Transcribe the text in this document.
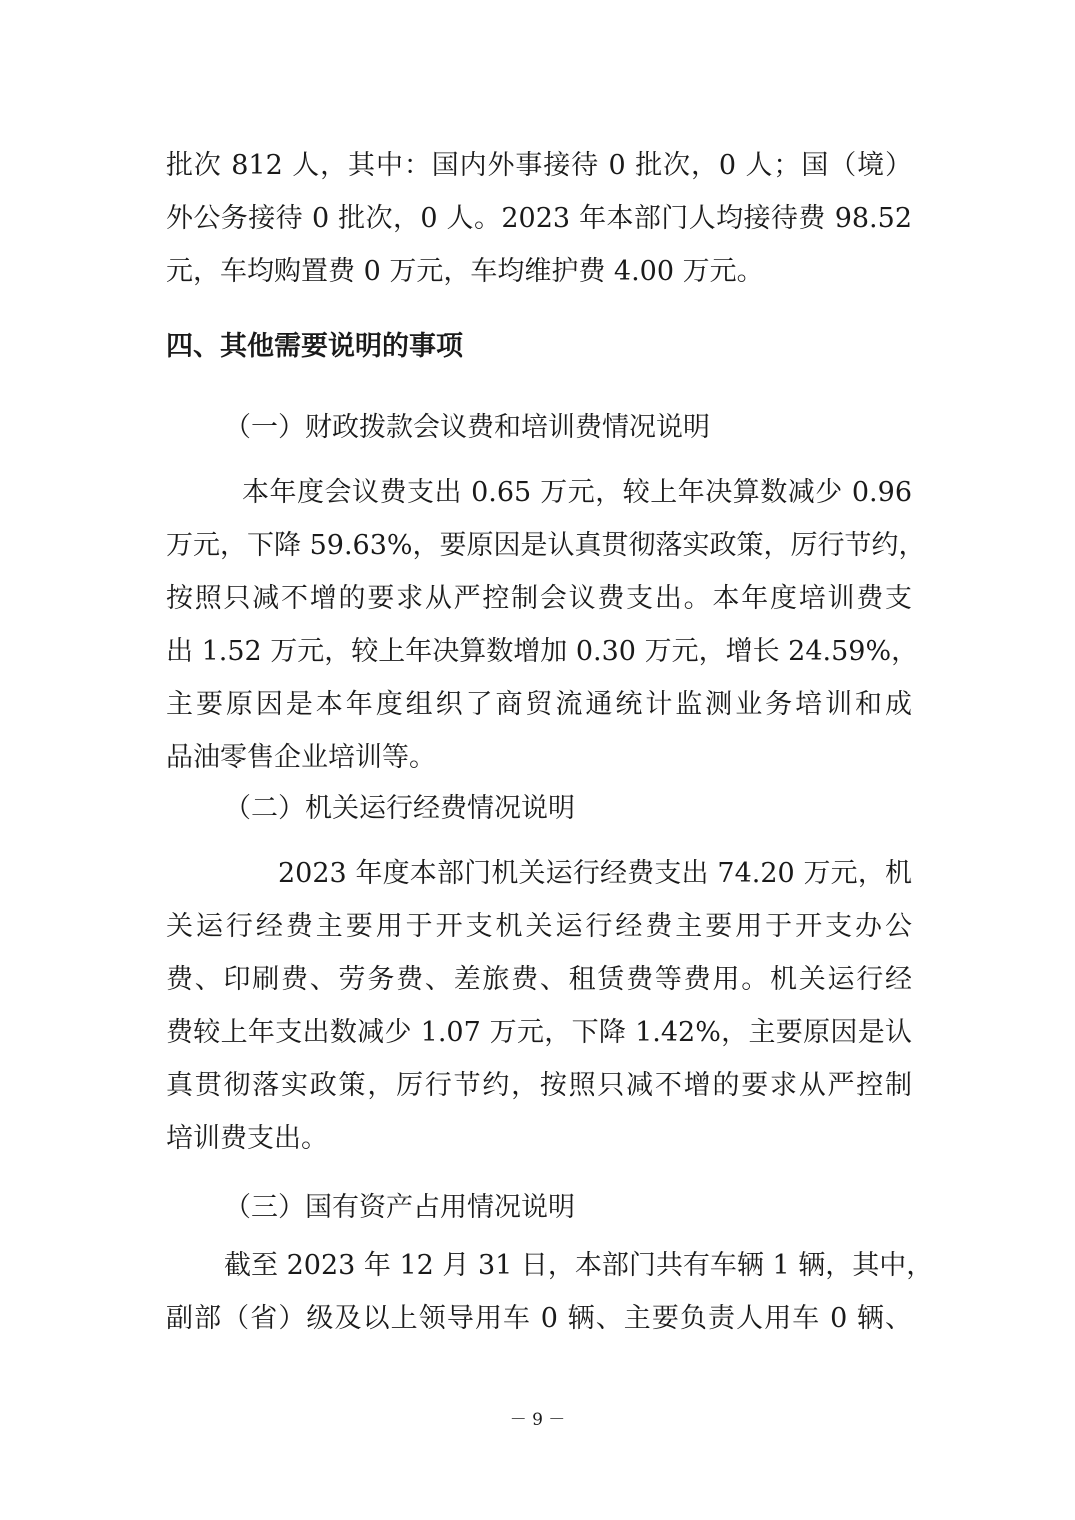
批次 812 人，其中：国内外事接待 0 批次，0 人；国（境）
外公务接待 0 批次，0 人。2023 年本部门人均接待费 98.52
元，车均购置费 0 万元，车均维护费 4.00 万元。
四、其他需要说明的事项
（一）财政拨款会议费和培训费情况说明
本年度会议费支出 0.65 万元，较上年决算数减少 0.96
万元，下降 59.63%，要原因是认真贯彻落实政策，厉行节约，
按照只减不增的要求从严控制会议费支出。本年度培训费支
出 1.52 万元，较上年决算数增加 0.30 万元，增长 24.59%，
主要原因是本年度组织了商贸流通统计监测业务培训和成
品油零售企业培训等。
（二）机关运行经费情况说明
2023 年度本部门机关运行经费支出 74.20 万元，机
关运行经费主要用于开支机关运行经费主要用于开支办公
费、印刷费、劳务费、差旅费、租赁费等费用。机关运行经
费较上年支出数减少 1.07 万元，下降 1.42%，主要原因是认
真贯彻落实政策，厉行节约，按照只减不增的要求从严控制
培训费支出。
（三）国有资产占用情况说明
截至 2023 年 12 月 31 日，本部门共有车辆 1 辆，其中，
副部（省）级及以上领导用车 0 辆、主要负责人用车 0 辆、
－ 9 －
